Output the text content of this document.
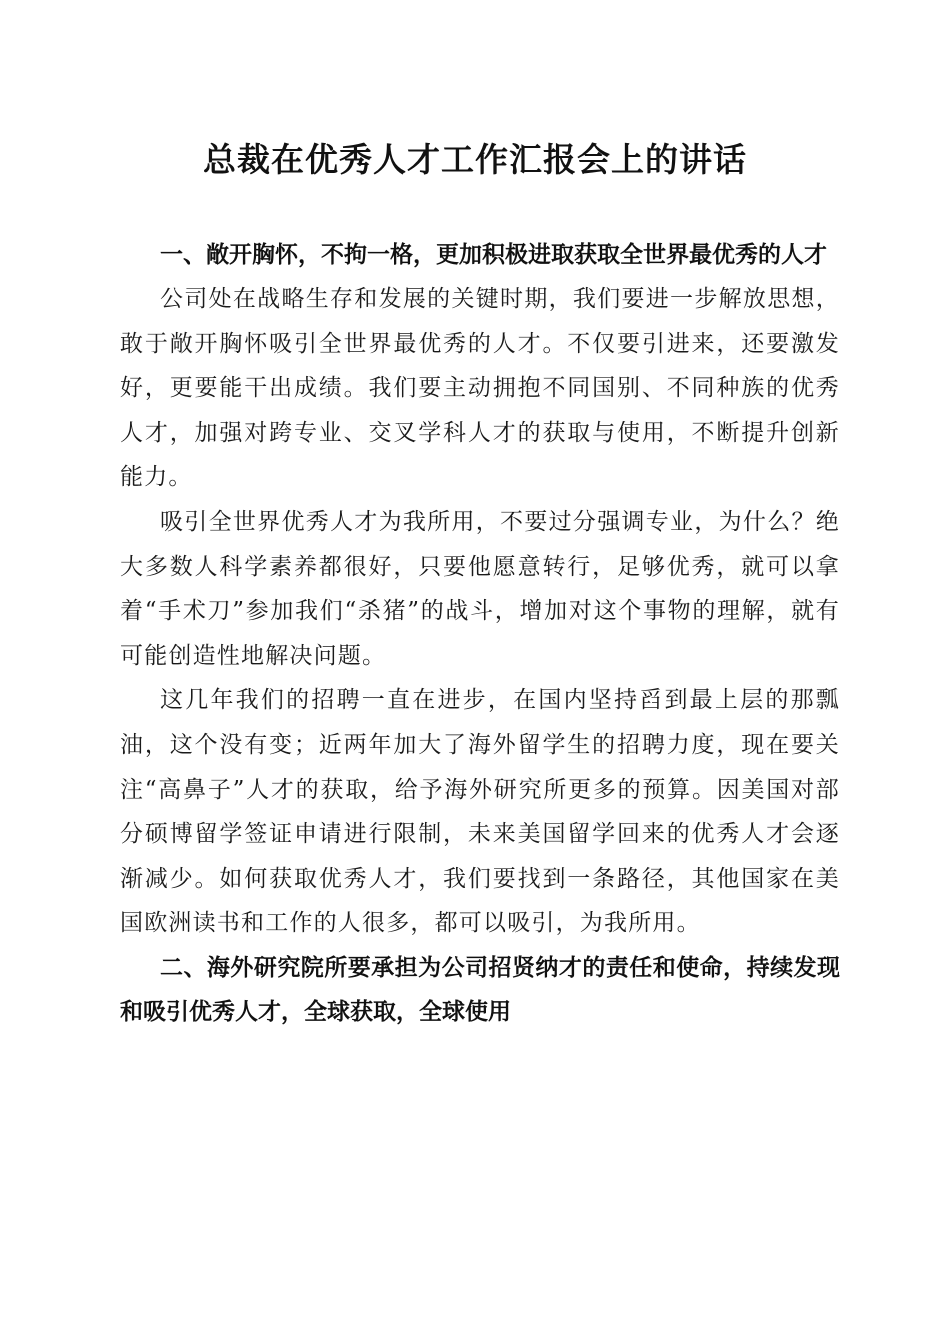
总裁在优秀人才工作汇报会上的讲话

一、敞开胸怀，不拘一格，更加积极进取获取全世界最优秀的人才

公司处在战略生存和发展的关键时期，我们要进一步解放思想，敢于敞开胸怀吸引全世界最优秀的人才。不仅要引进来，还要激发好，更要能干出成绩。我们要主动拥抱不同国别、不同种族的优秀人才，加强对跨专业、交叉学科人才的获取与使用，不断提升创新能力。

吸引全世界优秀人才为我所用，不要过分强调专业，为什么？绝大多数人科学素养都很好，只要他愿意转行，足够优秀，就可以拿着“手术刀”参加我们“杀猪”的战斗，增加对这个事物的理解，就有可能创造性地解决问题。

这几年我们的招聘一直在进步，在国内坚持舀到最上层的那瓢油，这个没有变；近两年加大了海外留学生的招聘力度，现在要关注“高鼻子”人才的获取，给予海外研究所更多的预算。因美国对部分硕博留学签证申请进行限制，未来美国留学回来的优秀人才会逐渐减少。如何获取优秀人才，我们要找到一条路径，其他国家在美国欧洲读书和工作的人很多，都可以吸引，为我所用。

二、海外研究院所要承担为公司招贤纳才的责任和使命，持续发现和吸引优秀人才，全球获取，全球使用
